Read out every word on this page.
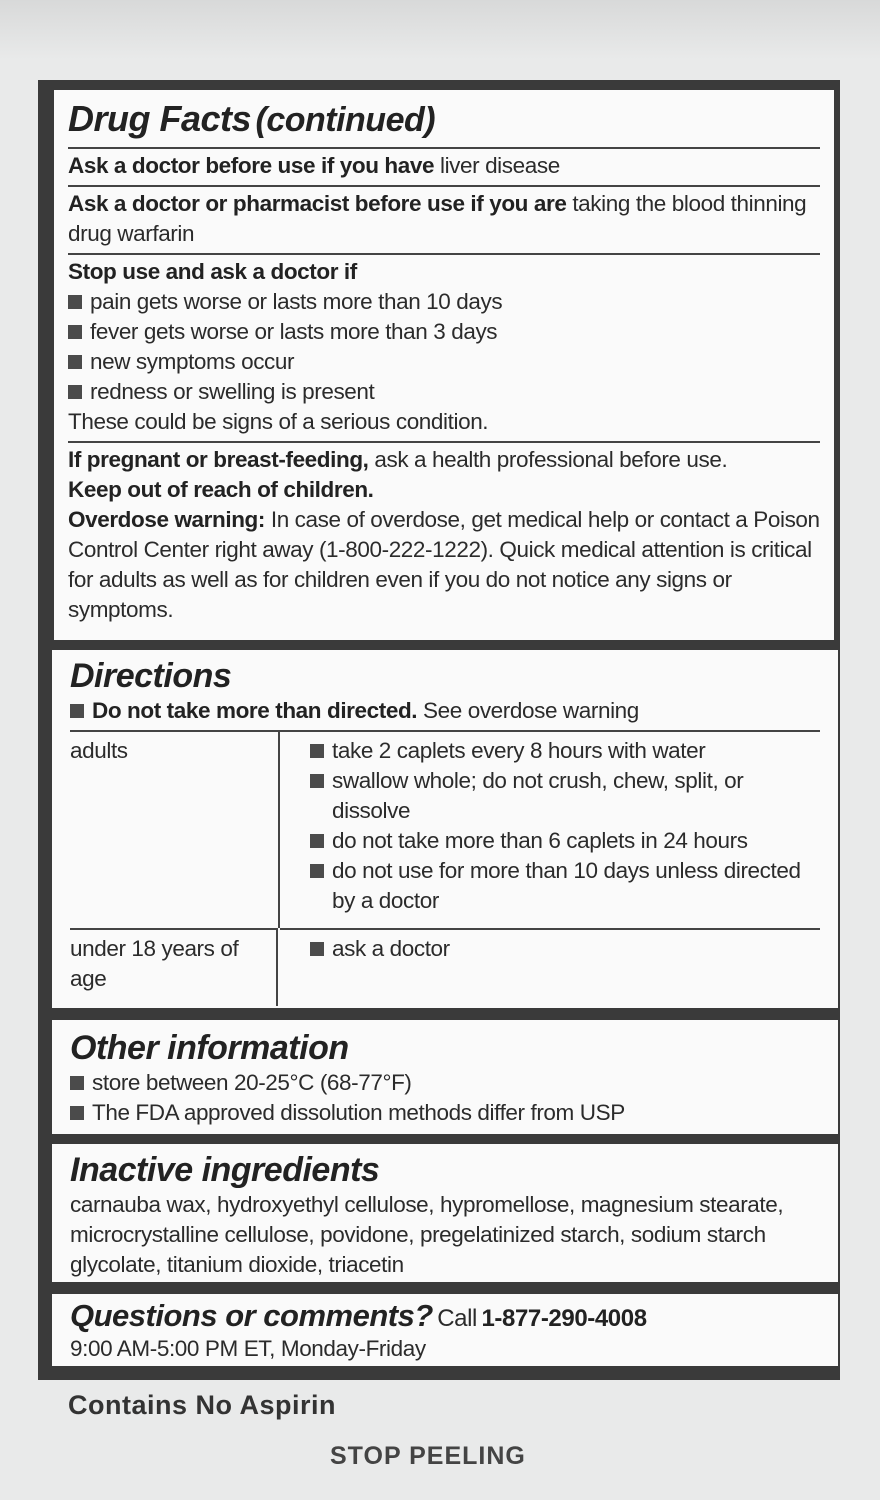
Drug Facts (continued)
Ask a doctor before use if you have liver disease
Ask a doctor or pharmacist before use if you are taking the blood thinning drug warfarin
Stop use and ask a doctor if
pain gets worse or lasts more than 10 days
fever gets worse or lasts more than 3 days
new symptoms occur
redness or swelling is present
These could be signs of a serious condition.
If pregnant or breast-feeding, ask a health professional before use.
Keep out of reach of children.
Overdose warning: In case of overdose, get medical help or contact a Poison Control Center right away (1-800-222-1222). Quick medical attention is critical for adults as well as for children even if you do not notice any signs or symptoms.
Directions
Do not take more than directed. See overdose warning
adults	take 2 caplets every 8 hours with water
swallow whole; do not crush, chew, split, or dissolve
do not take more than 6 caplets in 24 hours
do not use for more than 10 days unless directed by a doctor
under 18 years of age
ask a doctor
Other information
store between 20-25°C (68-77°F)
The FDA approved dissolution methods differ from USP
Inactive ingredients
carnauba wax, hydroxyethyl cellulose, hypromellose, magnesium stearate, microcrystalline cellulose, povidone, pregelatinized starch, sodium starch glycolate, titanium dioxide, triacetin
Questions or comments? Call 1-877-290-4008
9:00 AM-5:00 PM ET, Monday-Friday
Contains No Aspirin
STOP PEELING
